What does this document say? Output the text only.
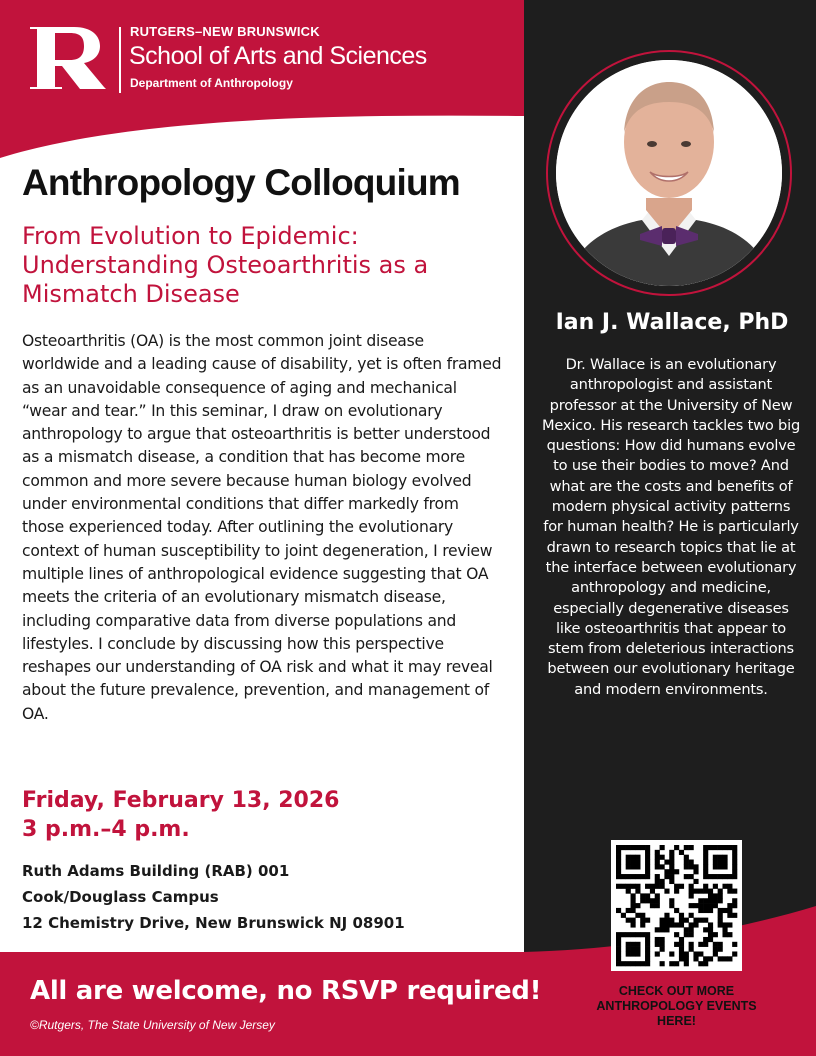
RUTGERS–NEW BRUNSWICK
School of Arts and Sciences
Department of Anthropology
Anthropology Colloquium
From Evolution to Epidemic: Understanding Osteoarthritis as a Mismatch Disease

Osteoarthritis (OA) is the most common joint disease worldwide and a leading cause of disability, yet is often framed as an unavoidable consequence of aging and mechanical “wear and tear.” In this seminar, I draw on evolutionary anthropology to argue that osteoarthritis is better understood as a mismatch disease, a condition that has become more common and more severe because human biology evolved under environmental conditions that differ markedly from those experienced today. After outlining the evolutionary context of human susceptibility to joint degeneration, I review multiple lines of anthropological evidence suggesting that OA meets the criteria of an evolutionary mismatch disease, including comparative data from diverse populations and lifestyles. I conclude by discussing how this perspective reshapes our understanding of OA risk and what it may reveal about the future prevalence, prevention, and management of OA.

Friday, February 13, 2026
3 p.m.–4 p.m.
Ruth Adams Building (RAB) 001
Cook/Douglass Campus
12 Chemistry Drive, New Brunswick NJ 08901
Ian J. Wallace, PhD

Dr. Wallace is an evolutionary anthropologist and assistant professor at the University of New Mexico. His research tackles two big questions: How did humans evolve to use their bodies to move? And what are the costs and benefits of modern physical activity patterns for human health? He is particularly drawn to research topics that lie at the interface between evolutionary anthropology and medicine, especially degenerative diseases like osteoarthritis that appear to stem from deleterious interactions between our evolutionary heritage and modern environments.

CHECK OUT MORE ANTHROPOLOGY EVENTS HERE!
All are welcome, no RSVP required!
©Rutgers, The State University of New Jersey
